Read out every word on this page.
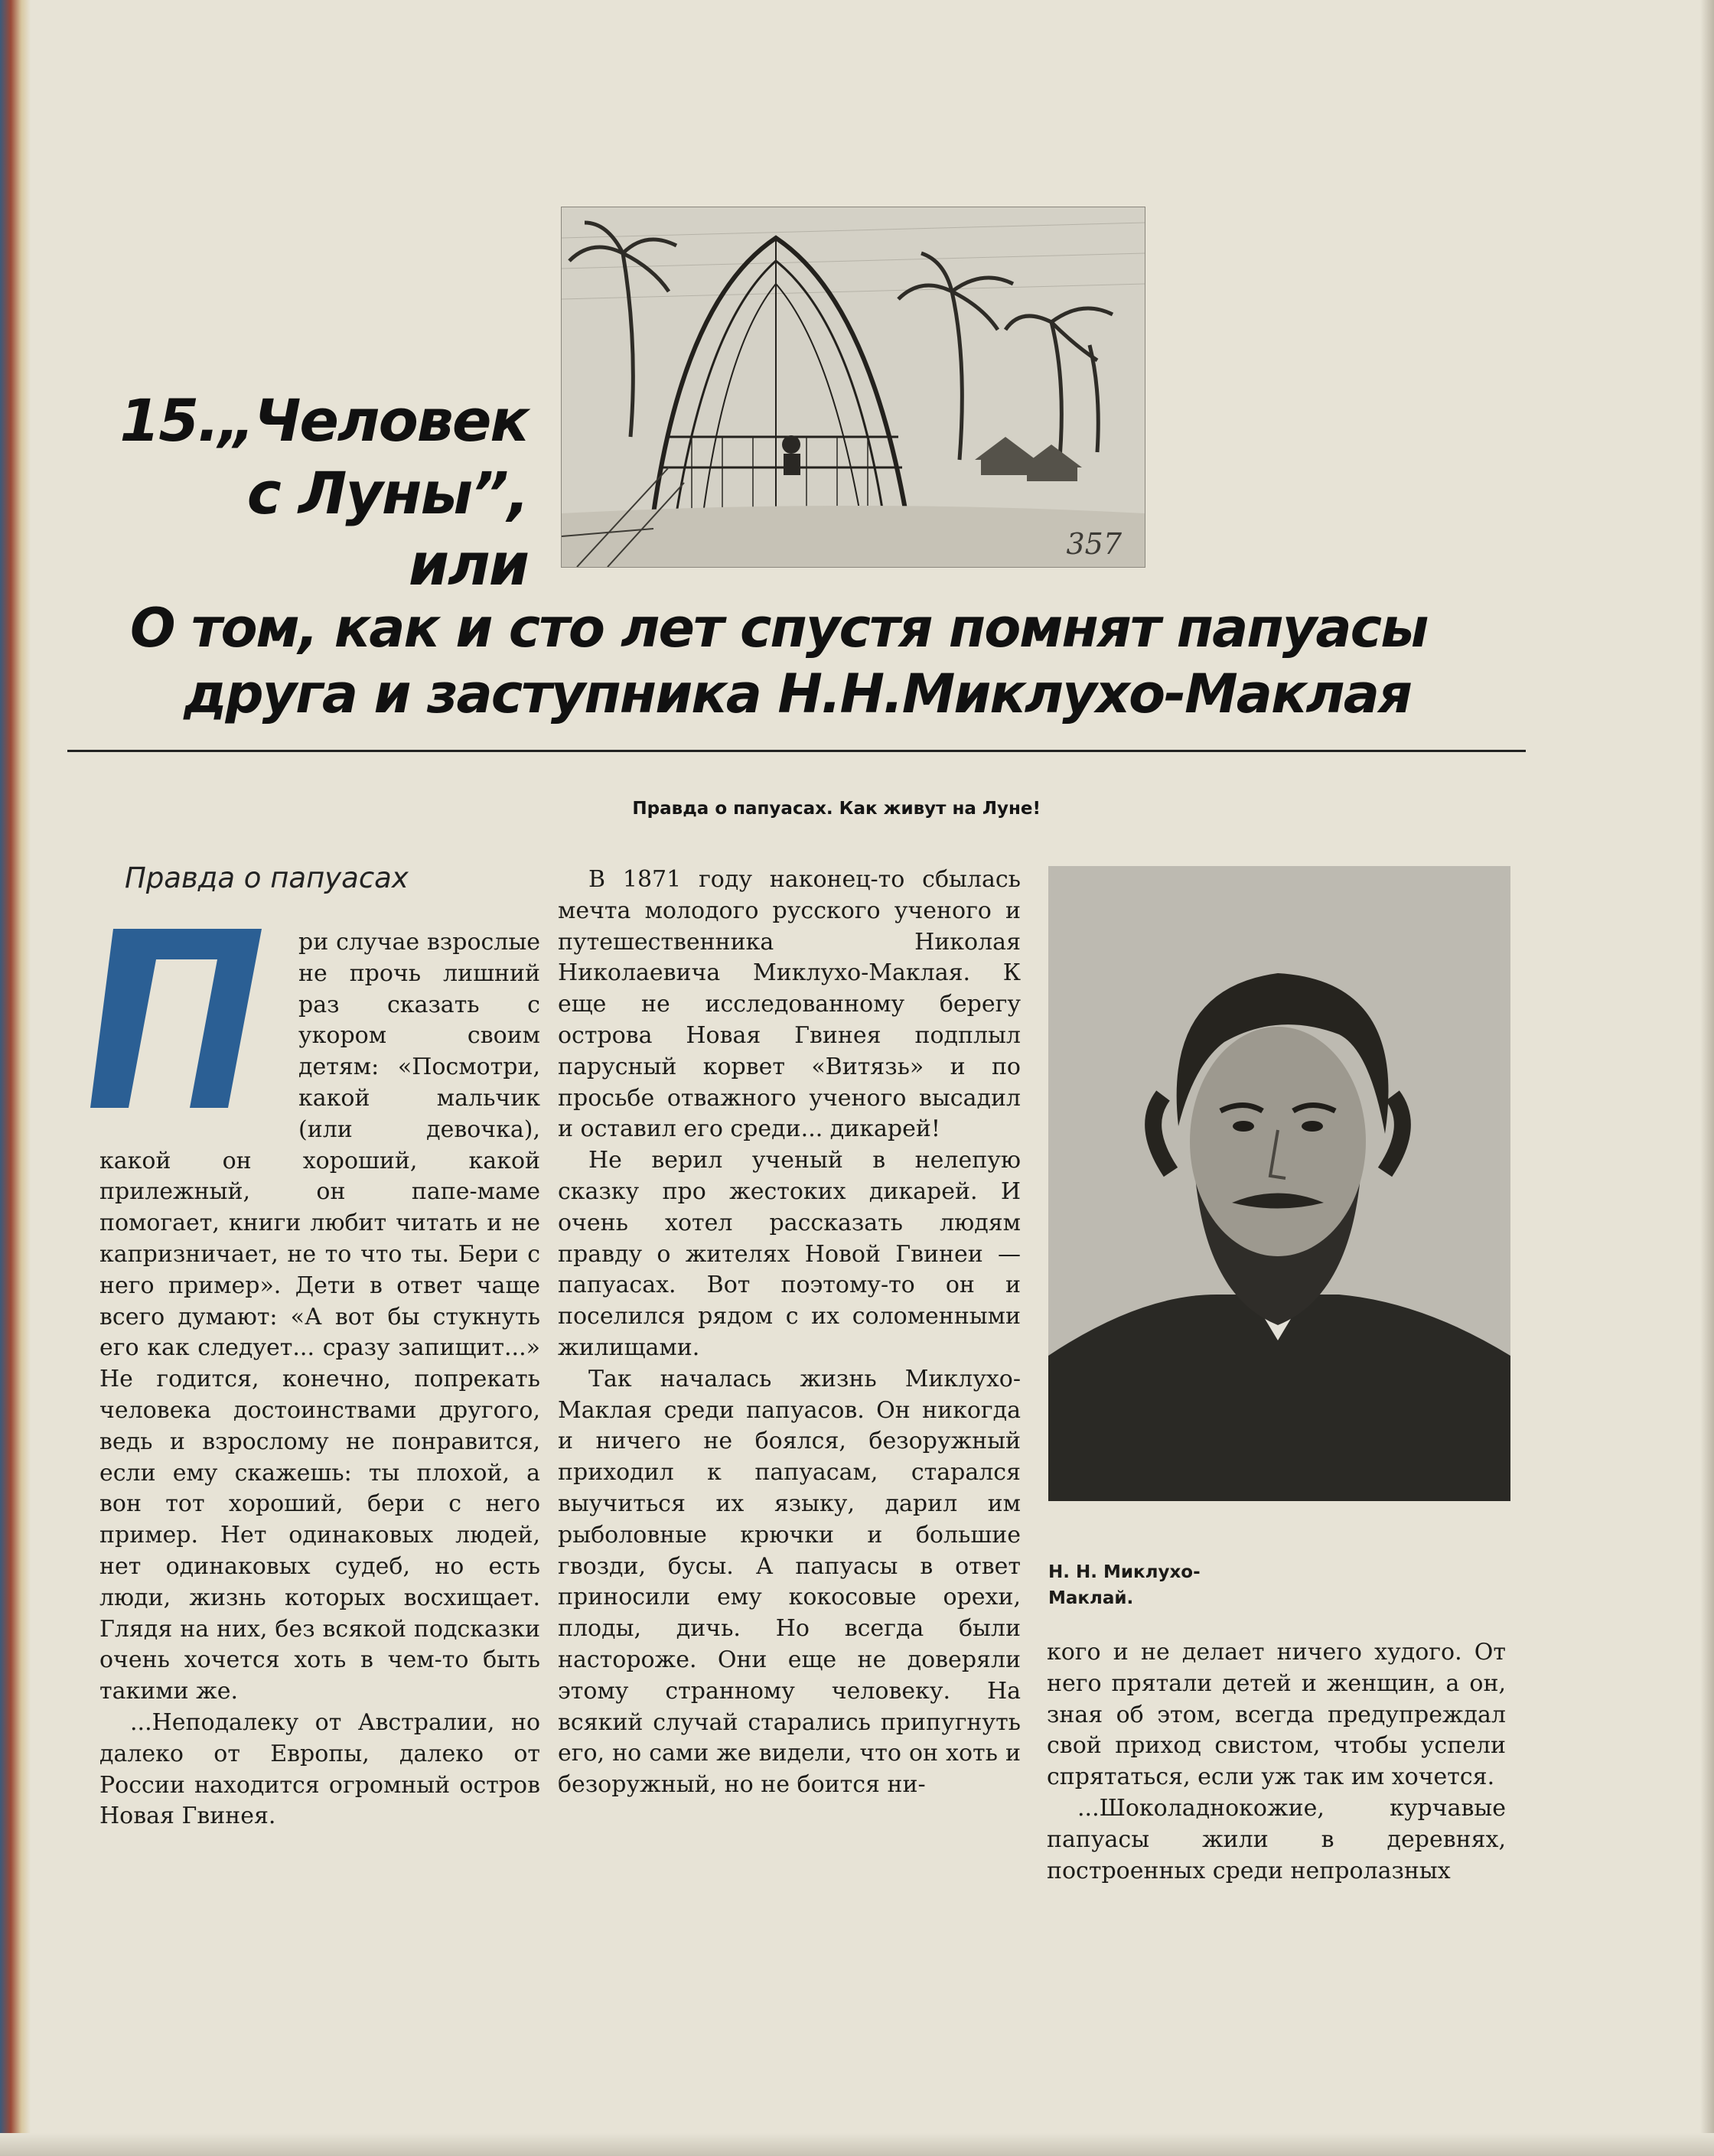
357
15.„Человек
с Луны”,
или
О том, как и сто лет спустя помнят папуасы
друга и заступника Н.Н.Миклухо-Маклая
Правда о папуасах. Как живут на Луне!
Правда о папуасах

ри случае взрослые не прочь лишний раз сказать с укором своим детям: «Посмотри, какой мальчик (или девочка), какой он хороший, какой прилежный, он папе-маме помогает, книги любит читать и не капризничает, не то что ты. Бери с него пример». Дети в ответ чаще всего думают: «А вот бы стукнуть его как следует... сразу запищит...» Не годится, конечно, попрекать человека достоинствами другого, ведь и взрослому не понравится, если ему скажешь: ты плохой, а вон тот хороший, бери с него пример. Нет одинаковых людей, нет одинаковых судеб, но есть люди, жизнь которых восхищает. Глядя на них, без всякой подсказки очень хочется хоть в чем-то быть такими же.

...Неподалеку от Австралии, но далеко от Европы, далеко от России находится огромный остров Новая Гвинея.

В 1871 году наконец-то сбылась мечта молодого русского ученого и путешественника Николая Николаевича Миклухо-Маклая. К еще не исследованному берегу острова Новая Гвинея подплыл парусный корвет «Витязь» и по просьбе отважного ученого высадил и оставил его среди... дикарей!

Не верил ученый в нелепую сказку про жестоких дикарей. И очень хотел рассказать людям правду о жителях Новой Гвинеи — папуасах. Вот поэтому-то он и поселился рядом с их соломенными жилищами.

Так началась жизнь Миклухо-Маклая среди папуасов. Он никогда и ничего не боялся, безоружный приходил к папуасам, старался выучиться их языку, дарил им рыболовные крючки и большие гвозди, бусы. А папуасы в ответ приносили ему кокосовые орехи, плоды, дичь. Но всегда были настороже. Они еще не доверяли этому странному человеку. На всякий случай старались припугнуть его, но сами же видели, что он хоть и безоружный, но не боится ни-

Н. Н. Миклухо-Маклай.

кого и не делает ничего худого. От него прятали детей и женщин, а он, зная об этом, всегда предупреждал свой приход свистом, чтобы успели спрятаться, если уж так им хочется.

...Шоколаднокожие, курчавые папуасы жили в деревнях, построенных среди непролазных
